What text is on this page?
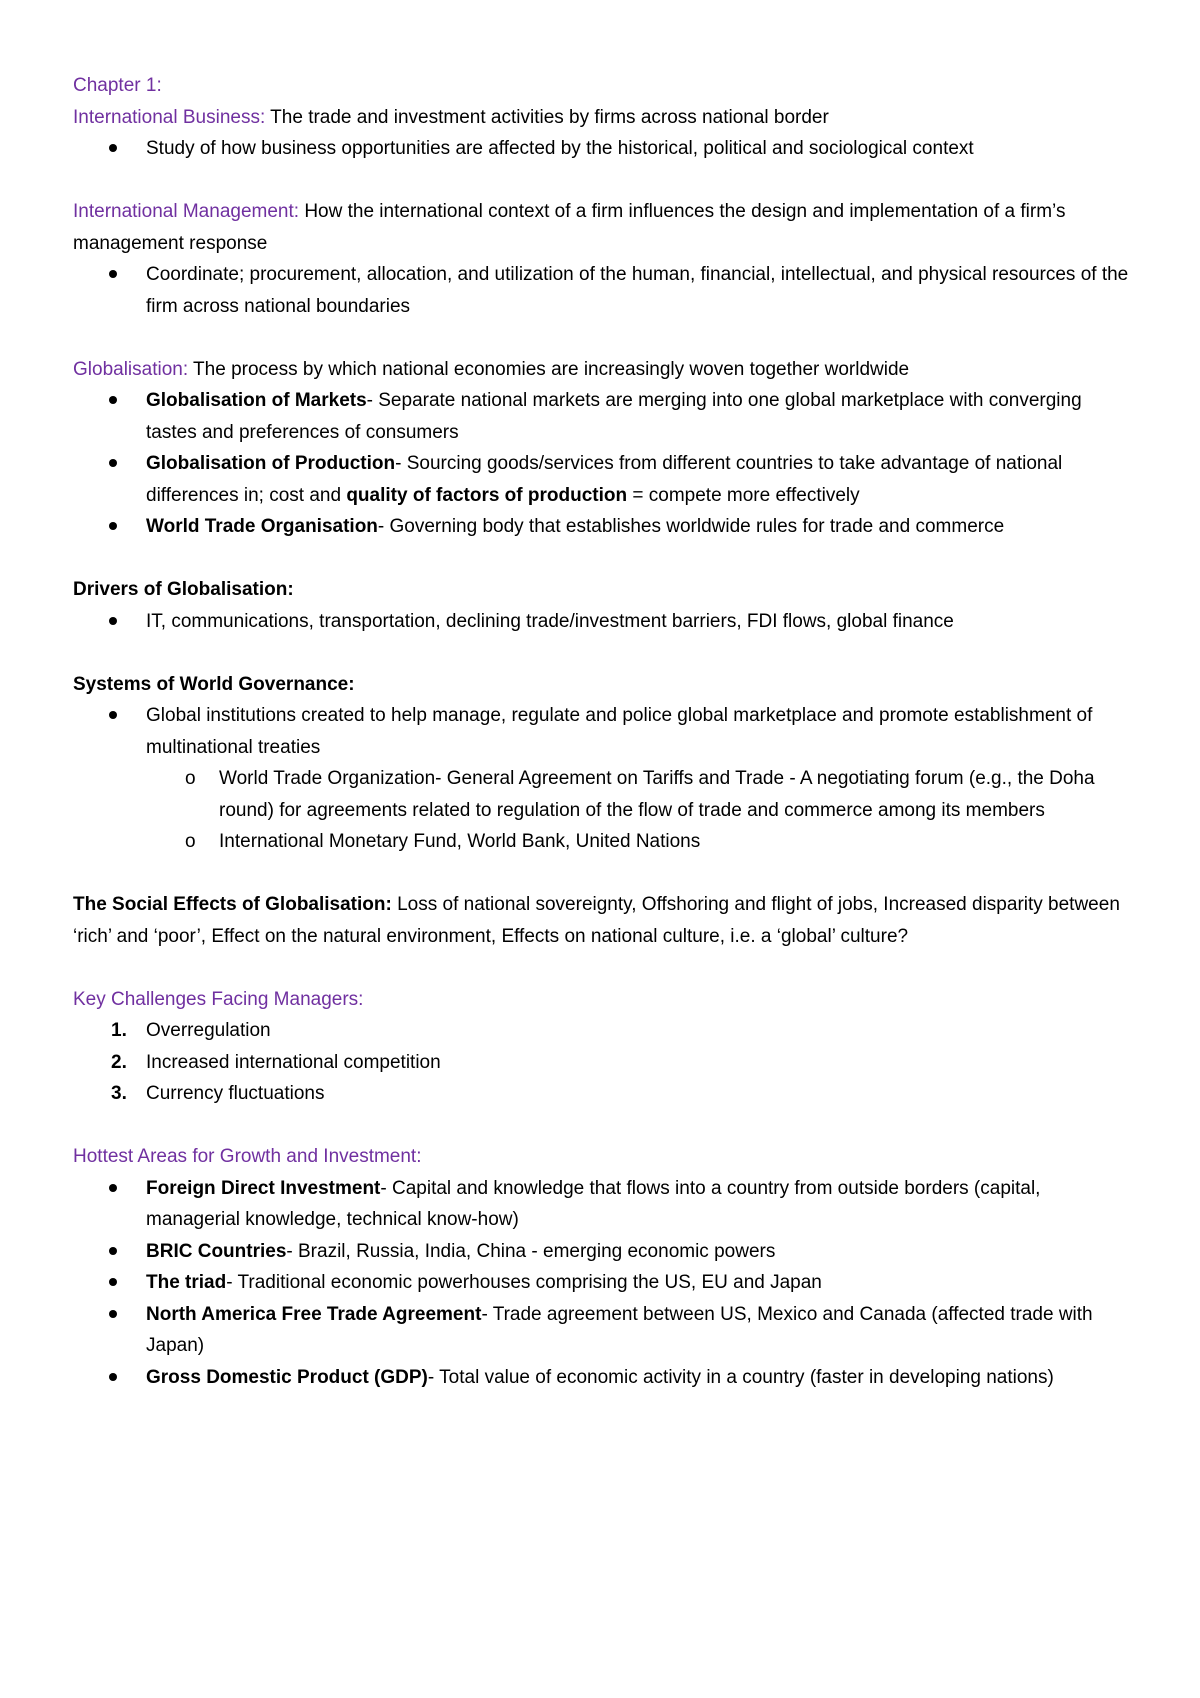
Chapter 1:
International Business: The trade and investment activities by firms across national border
Study of how business opportunities are affected by the historical, political and sociological context
International Management: How the international context of a firm influences the design and implementation of a firm’s management response
Coordinate; procurement, allocation, and utilization of the human, financial, intellectual, and physical resources of the firm across national boundaries
Globalisation: The process by which national economies are increasingly woven together worldwide
Globalisation of Markets- Separate national markets are merging into one global marketplace with converging tastes and preferences of consumers
Globalisation of Production- Sourcing goods/services from different countries to take advantage of national differences in; cost and quality of factors of production = compete more effectively
World Trade Organisation- Governing body that establishes worldwide rules for trade and commerce
Drivers of Globalisation:
IT, communications, transportation, declining trade/investment barriers, FDI flows, global finance
Systems of World Governance:
Global institutions created to help manage, regulate and police global marketplace and promote establishment of multinational treaties
o World Trade Organization- General Agreement on Tariffs and Trade - A negotiating forum (e.g., the Doha round) for agreements related to regulation of the flow of trade and commerce among its members
o International Monetary Fund, World Bank, United Nations
The Social Effects of Globalisation: Loss of national sovereignty, Offshoring and flight of jobs, Increased disparity between ‘rich’ and ‘poor’, Effect on the natural environment, Effects on national culture, i.e. a ‘global’ culture?
Key Challenges Facing Managers:
1.	Overregulation
2.	Increased international competition
3.	Currency fluctuations
Hottest Areas for Growth and Investment:
Foreign Direct Investment- Capital and knowledge that flows into a country from outside borders (capital, managerial knowledge, technical know-how)
BRIC Countries- Brazil, Russia, India, China - emerging economic powers
The triad- Traditional economic powerhouses comprising the US, EU and Japan
North America Free Trade Agreement- Trade agreement between US, Mexico and Canada (affected trade with Japan)
Gross Domestic Product (GDP)- Total value of economic activity in a country (faster in developing nations)
